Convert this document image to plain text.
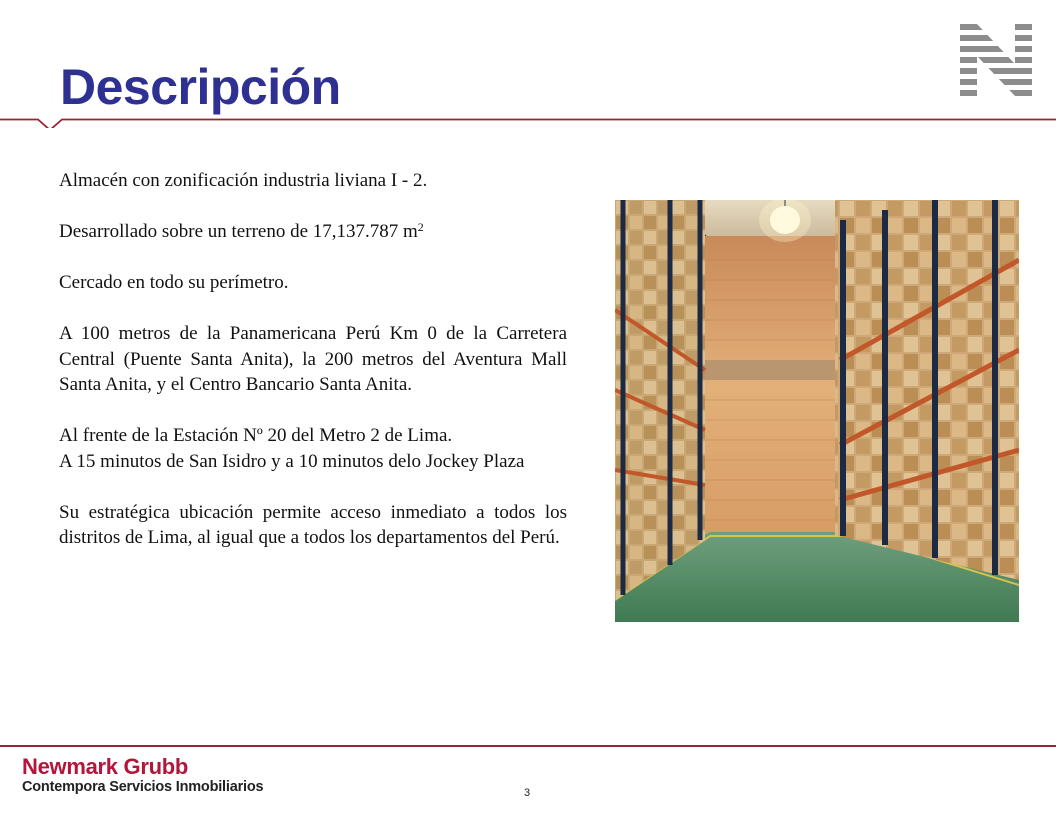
Descripción

Almacén con zonificación industria liviana I - 2.

Desarrollado sobre un terreno de 17,137.787 $m^2$

Cercado en todo su perímetro.

A 100 metros de la Panamericana Perú Km 0 de la Carretera Central (Puente Santa Anita), la 200 metros del Aventura Mall Santa Anita, y el Centro Bancario Santa Anita.

Al frente de la Estación Nº 20 del Metro 2 de Lima.

A 15 minutos de San Isidro y a 10 minutos delo Jockey Plaza

Su estratégica ubicación permite acceso inmediato a todos los distritos de Lima, al igual que a todos los departamentos del Perú.

Newmark Grubb
Contempora Servicios Inmobiliarios	3
